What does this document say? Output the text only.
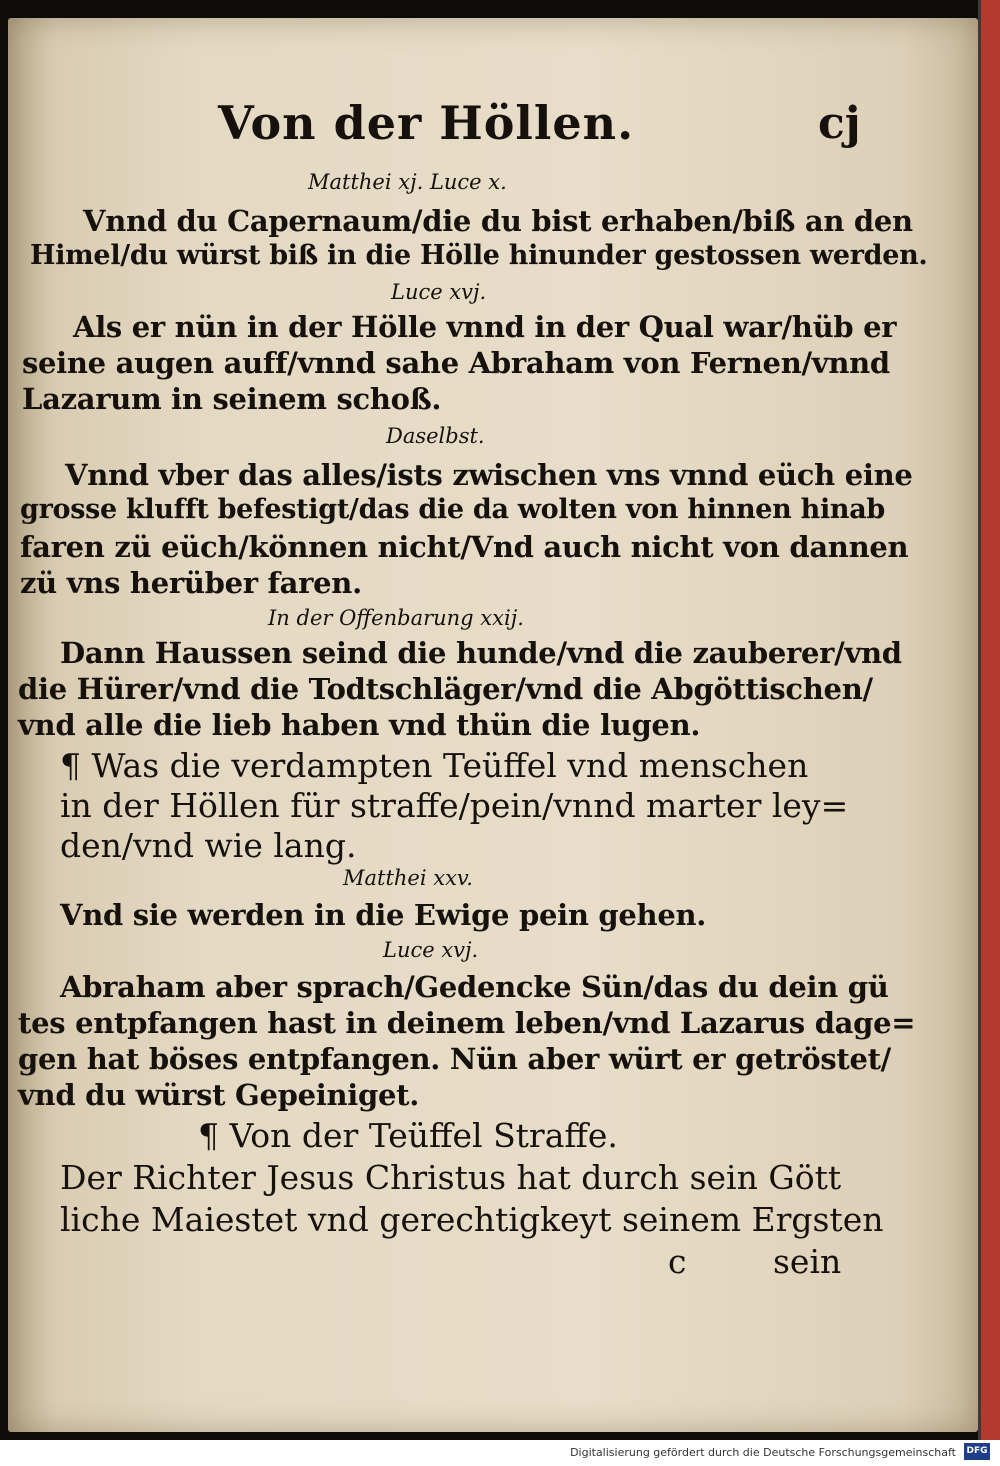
Von der Höllen.	cj
Matthei xj. Luce x.
Vnnd du Capernaum/die du bist erhaben/biß an den
Himel/du würst biß in die Hölle hinunder gestossen werden.
Luce xvj.
Als er nün in der Hölle vnnd in der Qual war/hüb er
seine augen auff/vnnd sahe Abraham von Fernen/vnnd
Lazarum in seinem schoß.
Daselbst.
Vnnd vber das alles/ists zwischen vns vnnd eüch eine
grosse klufft befestigt/das die da wolten von hinnen hinab
faren zü eüch/können nicht/Vnd auch nicht von dannen
zü vns herüber faren.
In der Offenbarung xxij.
Dann Haussen seind die hunde/vnd die zauberer/vnd
die Hürer/vnd die Todtschläger/vnd die Abgöttischen/
vnd alle die lieb haben vnd thün die lugen.
¶ Was die verdampten Teüffel vnd menschen
in der Höllen für straffe/pein/vnnd marter ley=
den/vnd wie lang.
Matthei xxv.
Vnd sie werden in die Ewige pein gehen.
Luce xvj.
Abraham aber sprach/Gedencke Sün/das du dein gü
tes entpfangen hast in deinem leben/vnd Lazarus dage=
gen hat böses entpfangen. Nün aber würt er getröstet/
vnd du würst Gepeiniget.
¶ Von der Teüffel Straffe.
Der Richter Jesus Christus hat durch sein Gött
liche Maiestet vnd gerechtigkeyt seinem Ergsten
c	sein
Digitalisierung gefördert durch die Deutsche Forschungsgemeinschaft DFG
